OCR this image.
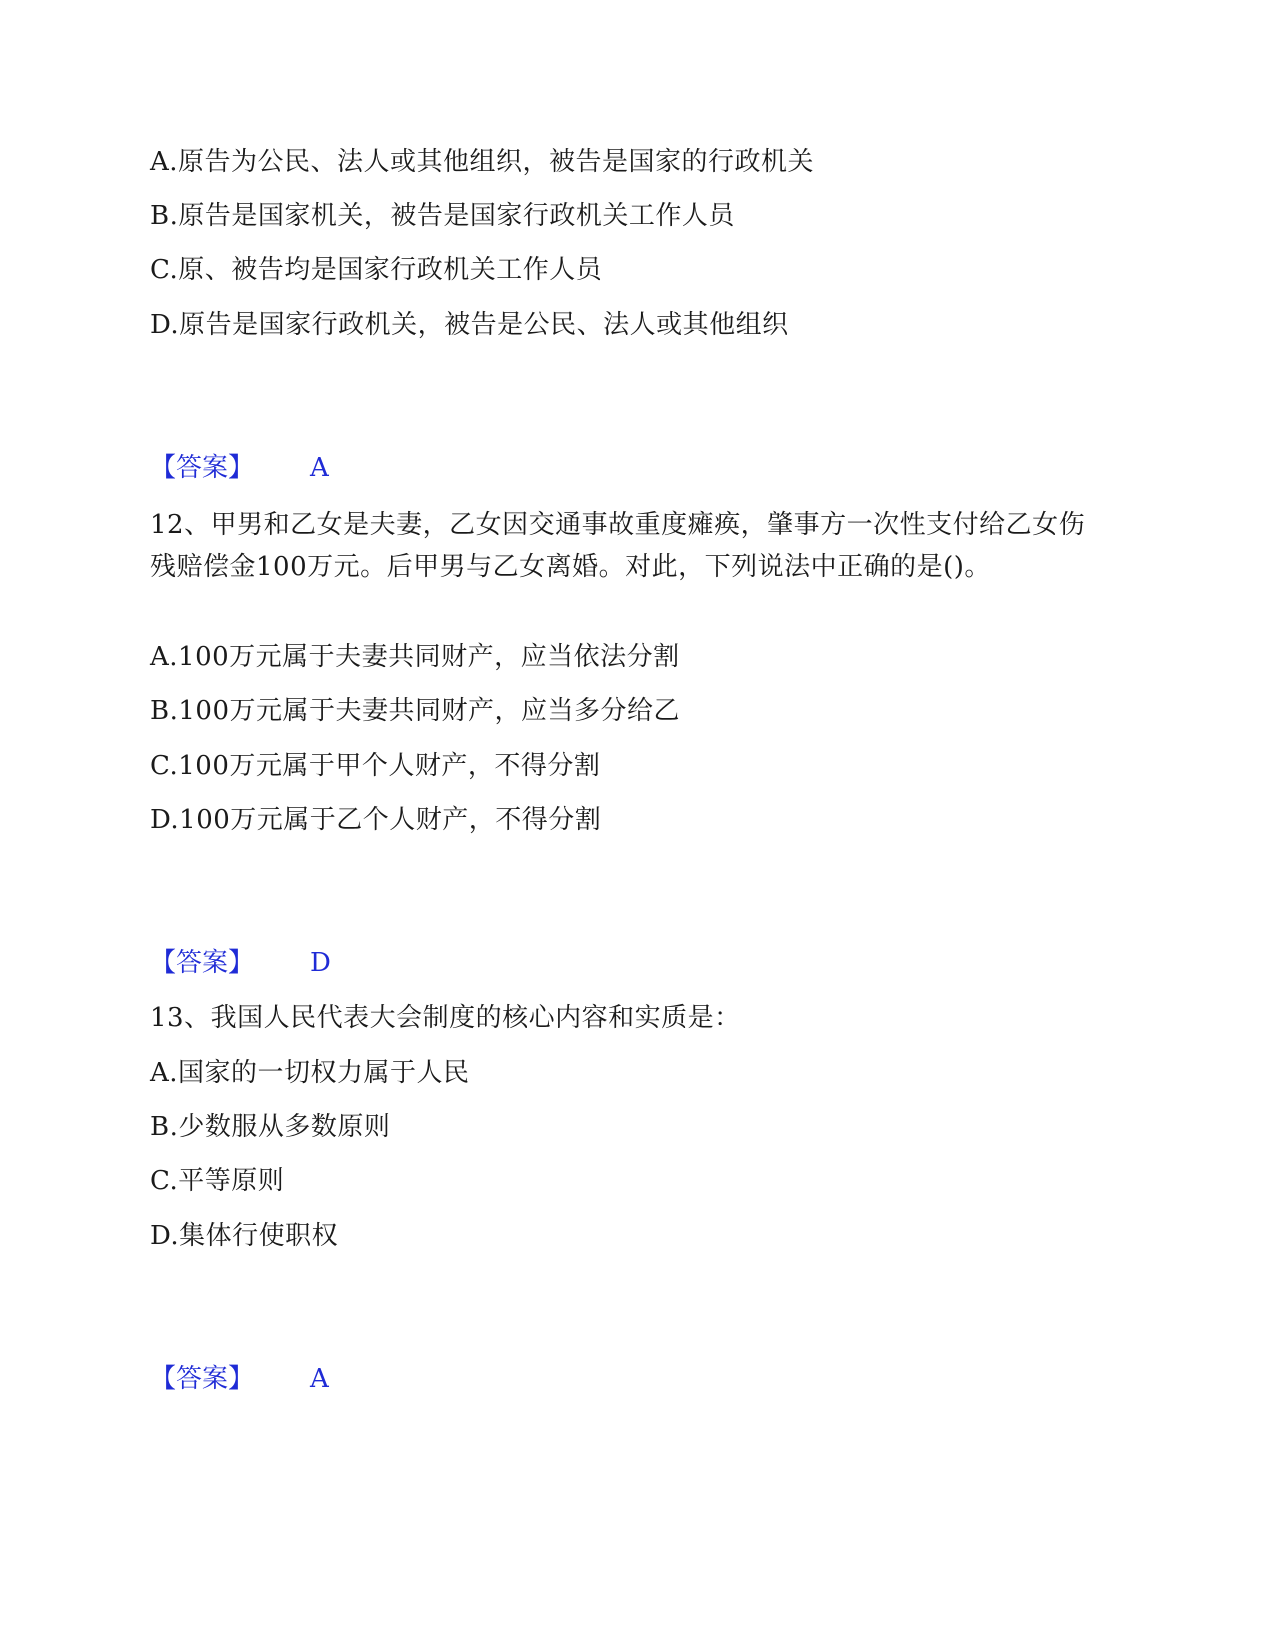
A.原告为公民、法人或其他组织，被告是国家的行政机关
B.原告是国家机关，被告是国家行政机关工作人员
C.原、被告均是国家行政机关工作人员
D.原告是国家行政机关，被告是公民、法人或其他组织
【答案】 A
12、甲男和乙女是夫妻，乙女因交通事故重度瘫痪，肇事方一次性支付给乙女伤残赔偿金100万元。后甲男与乙女离婚。对此，下列说法中正确的是()。
A.100万元属于夫妻共同财产，应当依法分割
B.100万元属于夫妻共同财产，应当多分给乙
C.100万元属于甲个人财产，不得分割
D.100万元属于乙个人财产，不得分割
【答案】 D
13、我国人民代表大会制度的核心内容和实质是：
A.国家的一切权力属于人民
B.少数服从多数原则
C.平等原则
D.集体行使职权
【答案】 A
